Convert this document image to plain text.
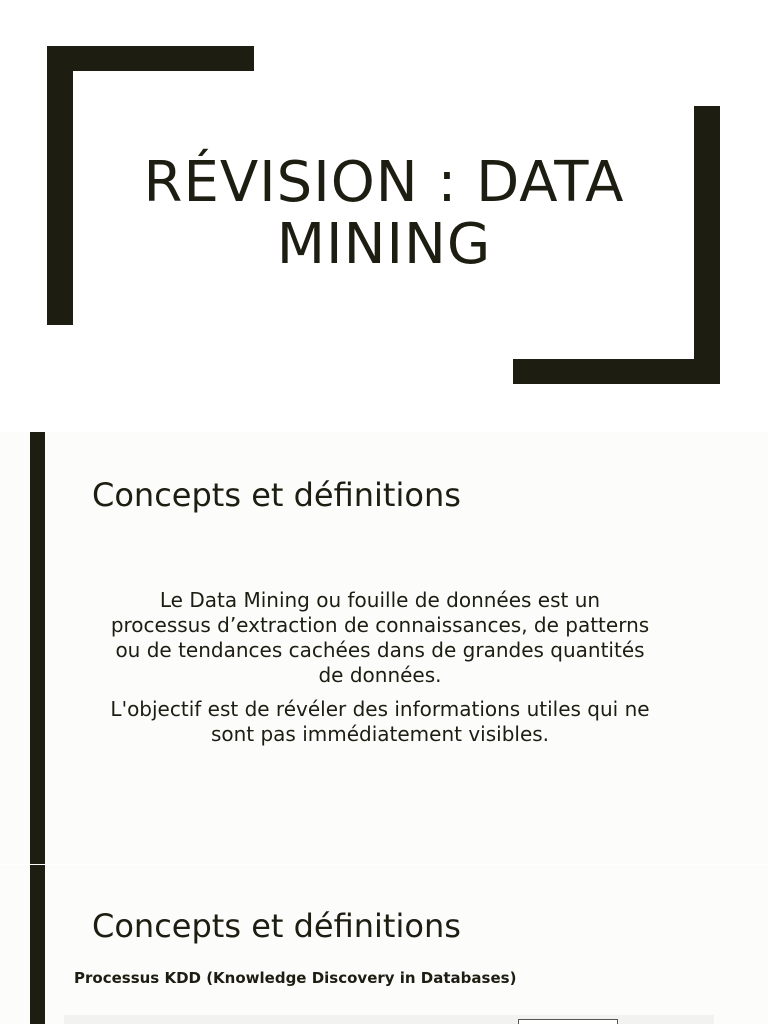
RÉVISION : DATA MINING
Concepts et définitions

Le Data Mining ou fouille de données est un processus d’extraction de connaissances, de patterns ou de tendances cachées dans de grandes quantités de données.

L'objectif est de révéler des informations utiles qui ne sont pas immédiatement visibles.

Concepts et définitions
Processus KDD (Knowledge Discovery in Databases)
